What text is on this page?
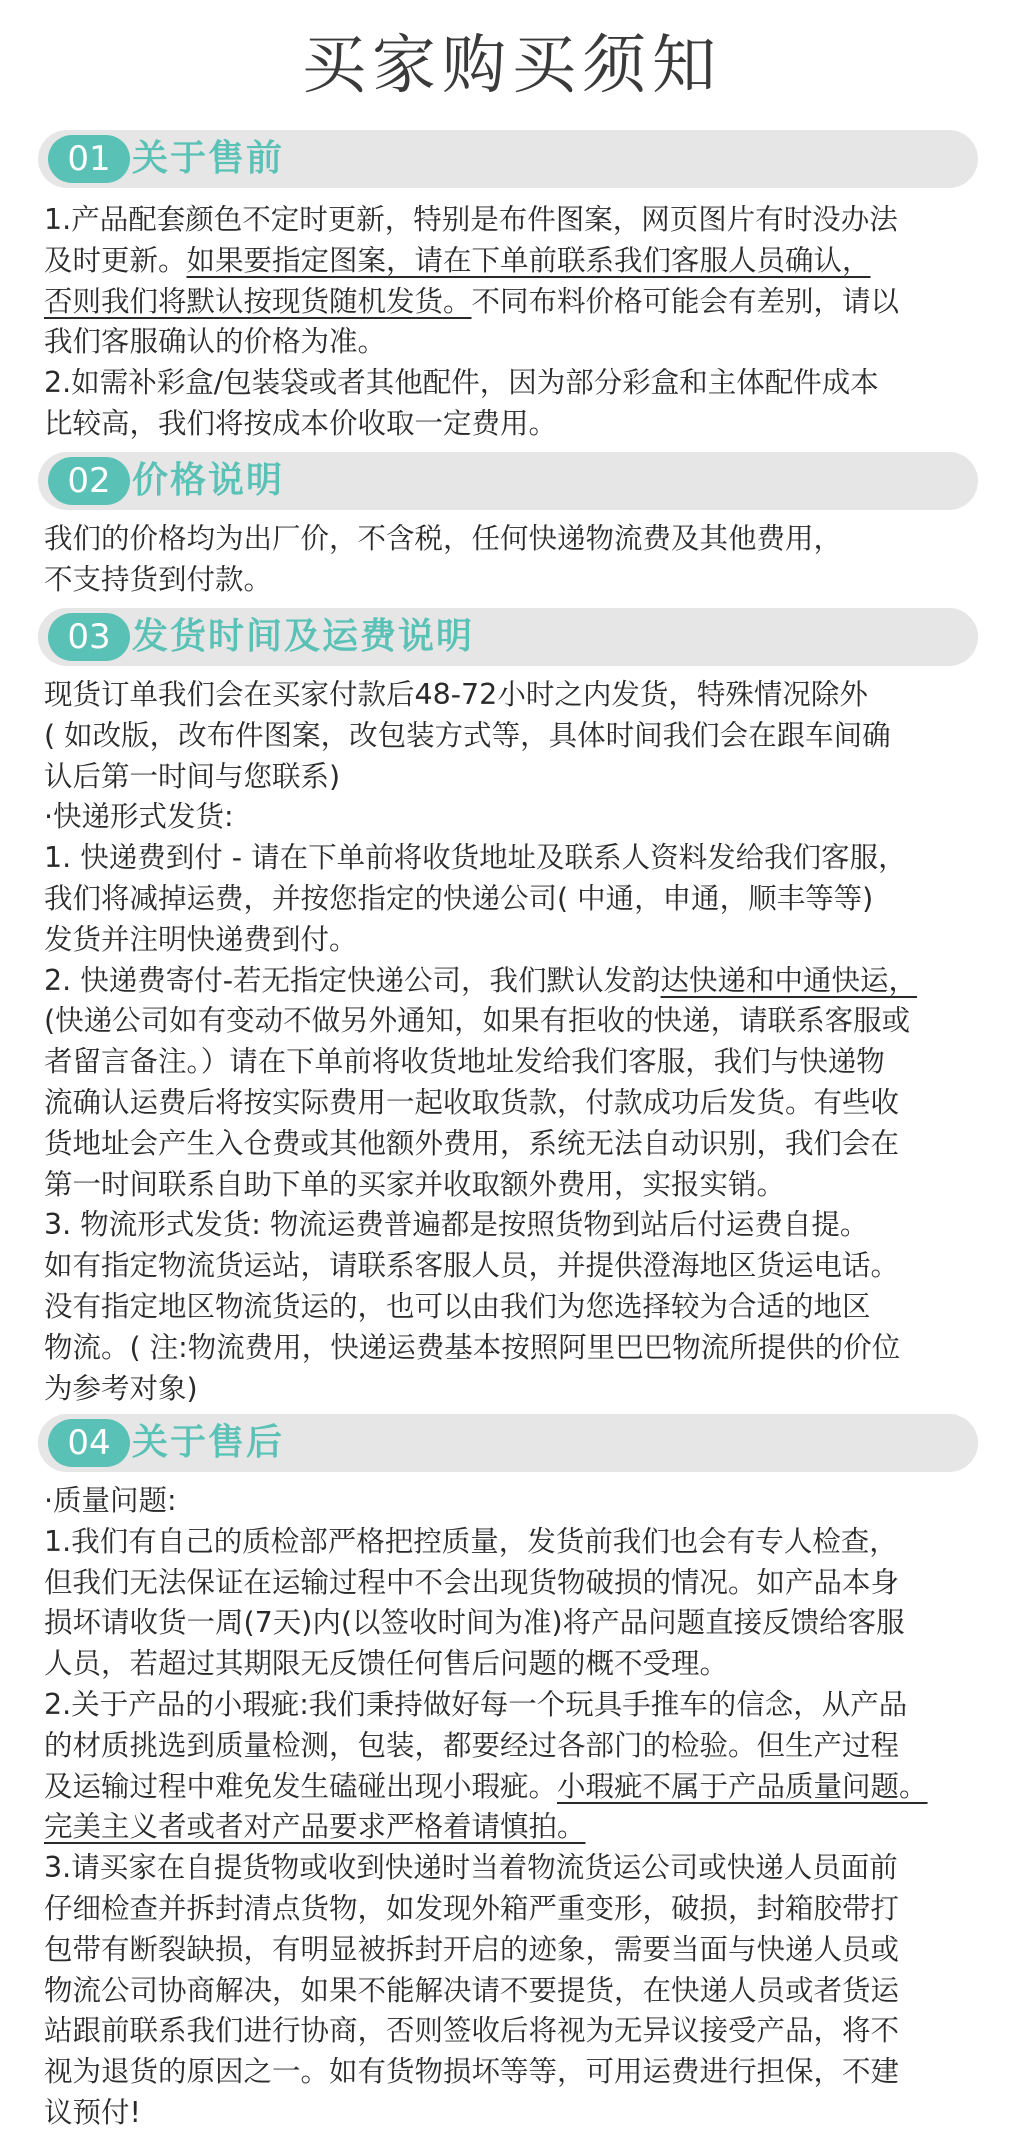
买家购买须知
01 关于售前
1.产品配套颜色不定时更新，特别是布件图案，网页图片有时没办法
及时更新。如果要指定图案，请在下单前联系我们客服人员确认，
否则我们将默认按现货随机发货。不同布料价格可能会有差别，请以
我们客服确认的价格为准。
2.如需补彩盒/包装袋或者其他配件，因为部分彩盒和主体配件成本
比较高，我们将按成本价收取一定费用。
02 价格说明
我们的价格均为出厂价，不含税，任何快递物流费及其他费用，
不支持货到付款。
03 发货时间及运费说明
现货订单我们会在买家付款后48-72小时之内发货，特殊情况除外
( 如改版，改布件图案，改包装方式等，具体时间我们会在跟车间确
认后第一时间与您联系)
·快递形式发货:
1. 快递费到付 - 请在下单前将收货地址及联系人资料发给我们客服，
我们将减掉运费，并按您指定的快递公司( 中通，申通，顺丰等等)
发货并注明快递费到付。
2. 快递费寄付-若无指定快递公司，我们默认发韵达快递和中通快运，
(快递公司如有变动不做另外通知，如果有拒收的快递，请联系客服或
者留言备注。）请在下单前将收货地址发给我们客服，我们与快递物
流确认运费后将按实际费用一起收取货款，付款成功后发货。有些收
货地址会产生入仓费或其他额外费用，系统无法自动识别，我们会在
第一时间联系自助下单的买家并收取额外费用，实报实销。
3. 物流形式发货: 物流运费普遍都是按照货物到站后付运费自提。
如有指定物流货运站，请联系客服人员，并提供澄海地区货运电话。
没有指定地区物流货运的，也可以由我们为您选择较为合适的地区
物流。( 注:物流费用，快递运费基本按照阿里巴巴物流所提供的价位
为参考对象)
04 关于售后
·质量问题:
1.我们有自己的质检部严格把控质量，发货前我们也会有专人检查，
但我们无法保证在运输过程中不会出现货物破损的情况。如产品本身
损坏请收货一周(7天)内(以签收时间为准)将产品问题直接反馈给客服
人员，若超过其期限无反馈任何售后问题的概不受理。
2.关于产品的小瑕疵:我们秉持做好每一个玩具手推车的信念，从产品
的材质挑选到质量检测，包装，都要经过各部门的检验。但生产过程
及运输过程中难免发生磕碰出现小瑕疵。小瑕疵不属于产品质量问题。
完美主义者或者对产品要求严格着请慎拍。
3.请买家在自提货物或收到快递时当着物流货运公司或快递人员面前
仔细检查并拆封清点货物，如发现外箱严重变形，破损，封箱胶带打
包带有断裂缺损，有明显被拆封开启的迹象，需要当面与快递人员或
物流公司协商解决，如果不能解决请不要提货，在快递人员或者货运
站跟前联系我们进行协商，否则签收后将视为无异议接受产品，将不
视为退货的原因之一。如有货物损坏等等，可用运费进行担保，不建
议预付!
